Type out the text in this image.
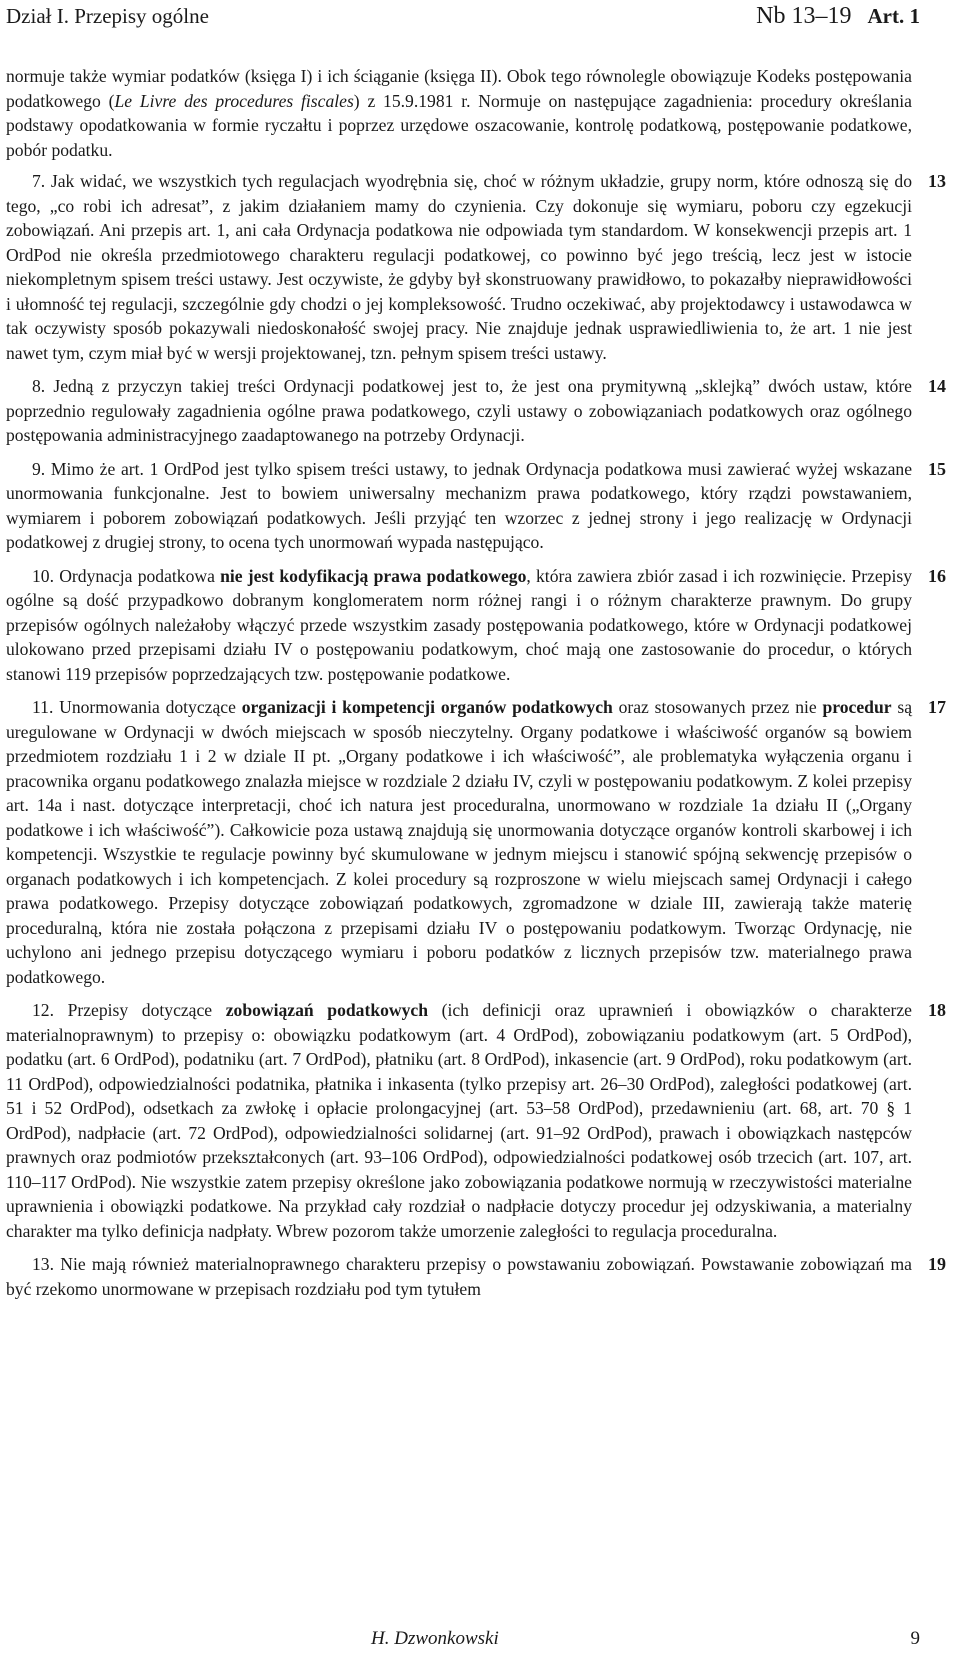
Dział I. Przepisy ogólne	Nb 13–19 Art. 1

normuje także wymiar podatków (księga I) i ich ściąganie (księga II). Obok tego równolegle obowiązuje Kodeks postępowania podatkowego (Le Livre des procedures fiscales) z 15.9.1981 r. Normuje on następujące zagadnienia: procedury określania podstawy opodatkowania w formie ryczałtu i poprzez urzędowe oszacowanie, kontrolę podatkową, postępowanie podatkowe, pobór podatku.

13
7. Jak widać, we wszystkich tych regulacjach wyodrębnia się, choć w różnym układzie, grupy norm, które odnoszą się do tego, „co robi ich adresat”, z jakim działaniem mamy do czynienia. Czy dokonuje się wymiaru, poboru czy egzekucji zobowiązań. Ani przepis art. 1, ani cała Ordynacja podatkowa nie odpowiada tym standardom. W konsekwencji przepis art. 1 OrdPod nie określa przedmiotowego charakteru regulacji podatkowej, co powinno być jego treścią, lecz jest w istocie niekompletnym spisem treści ustawy. Jest oczywiste, że gdyby był skonstruowany prawidłowo, to pokazałby nieprawidłowości i ułomność tej regulacji, szczególnie gdy chodzi o jej kompleksowość. Trudno oczekiwać, aby projektodawcy i ustawodawca w tak oczywisty sposób pokazywali niedoskonałość swojej pracy. Nie znajduje jednak usprawiedliwienia to, że art. 1 nie jest nawet tym, czym miał być w wersji projektowanej, tzn. pełnym spisem treści ustawy.

14
8. Jedną z przyczyn takiej treści Ordynacji podatkowej jest to, że jest ona prymitywną „sklejką” dwóch ustaw, które poprzednio regulowały zagadnienia ogólne prawa podatkowego, czyli ustawy o zobowiązaniach podatkowych oraz ogólnego postępowania administracyjnego zaadaptowanego na potrzeby Ordynacji.

15
9. Mimo że art. 1 OrdPod jest tylko spisem treści ustawy, to jednak Ordynacja podatkowa musi zawierać wyżej wskazane unormowania funkcjonalne. Jest to bowiem uniwersalny mechanizm prawa podatkowego, który rządzi powstawaniem, wymiarem i poborem zobowiązań podatkowych. Jeśli przyjąć ten wzorzec z jednej strony i jego realizację w Ordynacji podatkowej z drugiej strony, to ocena tych unormowań wypada następująco.

16
10. Ordynacja podatkowa nie jest kodyfikacją prawa podatkowego, która zawiera zbiór zasad i ich rozwinięcie. Przepisy ogólne są dość przypadkowo dobranym konglomeratem norm różnej rangi i o różnym charakterze prawnym. Do grupy przepisów ogólnych należałoby włączyć przede wszystkim zasady postępowania podatkowego, które w Ordynacji podatkowej ulokowano przed przepisami działu IV o postępowaniu podatkowym, choć mają one zastosowanie do procedur, o których stanowi 119 przepisów poprzedzających tzw. postępowanie podatkowe.

17
11. Unormowania dotyczące organizacji i kompetencji organów podatkowych oraz stosowanych przez nie procedur są uregulowane w Ordynacji w dwóch miejscach w sposób nieczytelny. Organy podatkowe i właściwość organów są bowiem przedmiotem rozdziału 1 i 2 w dziale II pt. „Organy podatkowe i ich właściwość”, ale problematyka wyłączenia organu i pracownika organu podatkowego znalazła miejsce w rozdziale 2 działu IV, czyli w postępowaniu podatkowym. Z kolei przepisy art. 14a i nast. dotyczące interpretacji, choć ich natura jest proceduralna, unormowano w rozdziale 1a działu II („Organy podatkowe i ich właściwość”). Całkowicie poza ustawą znajdują się unormowania dotyczące organów kontroli skarbowej i ich kompetencji. Wszystkie te regulacje powinny być skumulowane w jednym miejscu i stanowić spójną sekwencję przepisów o organach podatkowych i ich kompetencjach. Z kolei procedury są rozproszone w wielu miejscach samej Ordynacji i całego prawa podatkowego. Przepisy dotyczące zobowiązań podatkowych, zgromadzone w dziale III, zawierają także materię proceduralną, która nie została połączona z przepisami działu IV o postępowaniu podatkowym. Tworząc Ordynację, nie uchylono ani jednego przepisu dotyczącego wymiaru i poboru podatków z licznych przepisów tzw. materialnego prawa podatkowego.

18
12. Przepisy dotyczące zobowiązań podatkowych (ich definicji oraz uprawnień i obowiązków o charakterze materialnoprawnym) to przepisy o: obowiązku podatkowym (art. 4 OrdPod), zobowiązaniu podatkowym (art. 5 OrdPod), podatku (art. 6 OrdPod), podatniku (art. 7 OrdPod), płatniku (art. 8 OrdPod), inkasencie (art. 9 OrdPod), roku podatkowym (art. 11 OrdPod), odpowiedzialności podatnika, płatnika i inkasenta (tylko przepisy art. 26–30 OrdPod), zaległości podatkowej (art. 51 i 52 OrdPod), odsetkach za zwłokę i opłacie prolongacyjnej (art. 53–58 OrdPod), przedawnieniu (art. 68, art. 70 § 1 OrdPod), nadpłacie (art. 72 OrdPod), odpowiedzialności solidarnej (art. 91–92 OrdPod), prawach i obowiązkach następców prawnych oraz podmiotów przekształconych (art. 93–106 OrdPod), odpowiedzialności podatkowej osób trzecich (art. 107, art. 110–117 OrdPod). Nie wszystkie zatem przepisy określone jako zobowiązania podatkowe normują w rzeczywistości materialne uprawnienia i obowiązki podatkowe. Na przykład cały rozdział o nadpłacie dotyczy procedur jej odzyskiwania, a materialny charakter ma tylko definicja nadpłaty. Wbrew pozorom także umorzenie zaległości to regulacja proceduralna.

19
13. Nie mają również materialnoprawnego charakteru przepisy o powstawaniu zobowiązań. Powstawanie zobowiązań ma być rzekomo unormowane w przepisach rozdziału pod tym tytułem

H. Dzwonkowski	9
